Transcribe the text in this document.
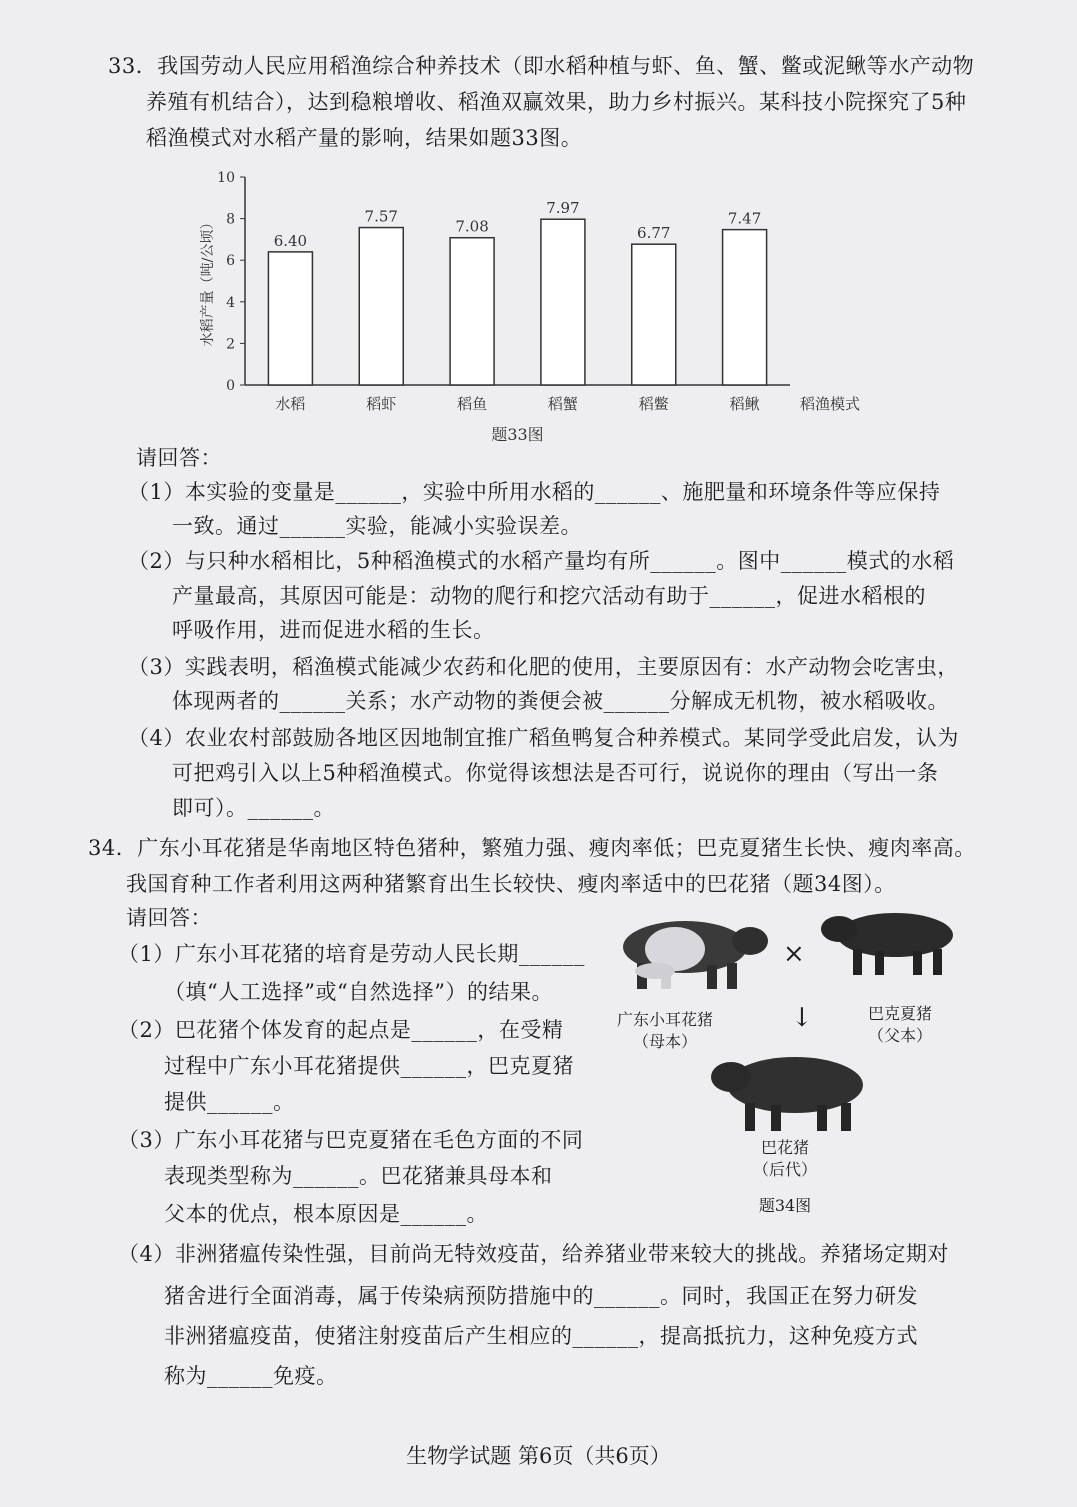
33．我国劳动人民应用稻渔综合种养技术（即水稻种植与虾、鱼、蟹、鳖或泥鳅等水产动物
养殖有机结合），达到稳粮增收、稻渔双赢效果，助力乡村振兴。某科技小院探究了5种
稻渔模式对水稻产量的影响，结果如题33图。
0
2
4
6
8
10
水稻产量（吨/公顷）	6.40
水稻
7.57
稻虾
7.08
稻鱼
7.97
稻蟹
6.77
稻鳖
7.47
稻鳅	稻渔模式
题33图
请回答：
（1）本实验的变量是______，实验中所用水稻的______、施肥量和环境条件等应保持
一致。通过______实验，能减小实验误差。
（2）与只种水稻相比，5种稻渔模式的水稻产量均有所______。图中______模式的水稻
产量最高，其原因可能是：动物的爬行和挖穴活动有助于______，促进水稻根的
呼吸作用，进而促进水稻的生长。
（3）实践表明，稻渔模式能减少农药和化肥的使用，主要原因有：水产动物会吃害虫，
体现两者的______关系；水产动物的粪便会被______分解成无机物，被水稻吸收。
（4）农业农村部鼓励各地区因地制宜推广稻鱼鸭复合种养模式。某同学受此启发，认为
可把鸡引入以上5种稻渔模式。你觉得该想法是否可行，说说你的理由（写出一条
即可）。______。
34．广东小耳花猪是华南地区特色猪种，繁殖力强、瘦肉率低；巴克夏猪生长快、瘦肉率高。
我国育种工作者利用这两种猪繁育出生长较快、瘦肉率适中的巴花猪（题34图）。
请回答：
（1）广东小耳花猪的培育是劳动人民长期______
（填“人工选择”或“自然选择”）的结果。
（2）巴花猪个体发育的起点是______，在受精
过程中广东小耳花猪提供______，巴克夏猪
提供______。
（3）广东小耳花猪与巴克夏猪在毛色方面的不同
表现类型称为______。巴花猪兼具母本和
父本的优点，根本原因是______。
×
↓
广东小耳花猪
（母本）
巴克夏猪
（父本）
巴花猪
（后代）
题34图
（4）非洲猪瘟传染性强，目前尚无特效疫苗，给养猪业带来较大的挑战。养猪场定期对
猪舍进行全面消毒，属于传染病预防措施中的______。同时，我国正在努力研发
非洲猪瘟疫苗，使猪注射疫苗后产生相应的______，提高抵抗力，这种免疫方式
称为______免疫。
生物学试题 第6页（共6页）
